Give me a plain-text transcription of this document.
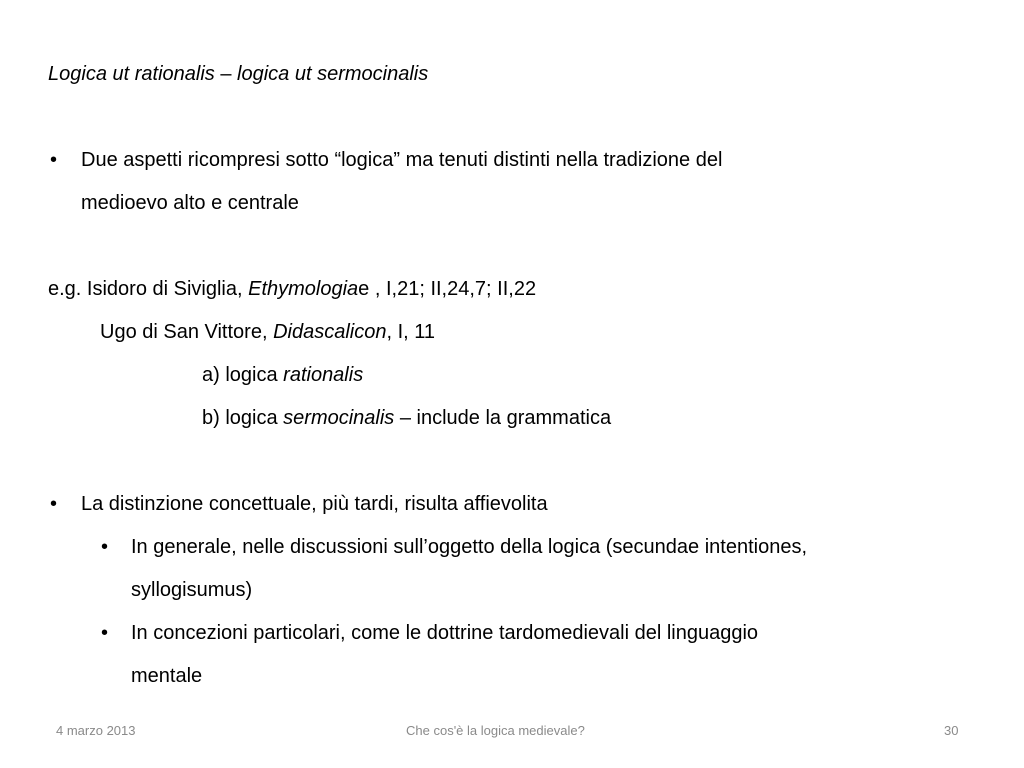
Logica ut rationalis – logica ut sermocinalis
• Due aspetti ricompresi sotto “logica” ma tenuti distinti nella tradizione del
medioevo alto e centrale
e.g. Isidoro di Siviglia, Ethymologiae , I,21; II,24,7; II,22
Ugo di San Vittore, Didascalicon, I, 11
a) logica rationalis
b) logica sermocinalis – include la grammatica
• La distinzione concettuale, più tardi, risulta affievolita
• In generale, nelle discussioni sull’oggetto della logica (secundae intentiones,
syllogisumus)
• In concezioni particolari, come le dottrine tardomedievali del linguaggio
mentale
4 marzo 2013	Che cos'è la logica medievale?	30
